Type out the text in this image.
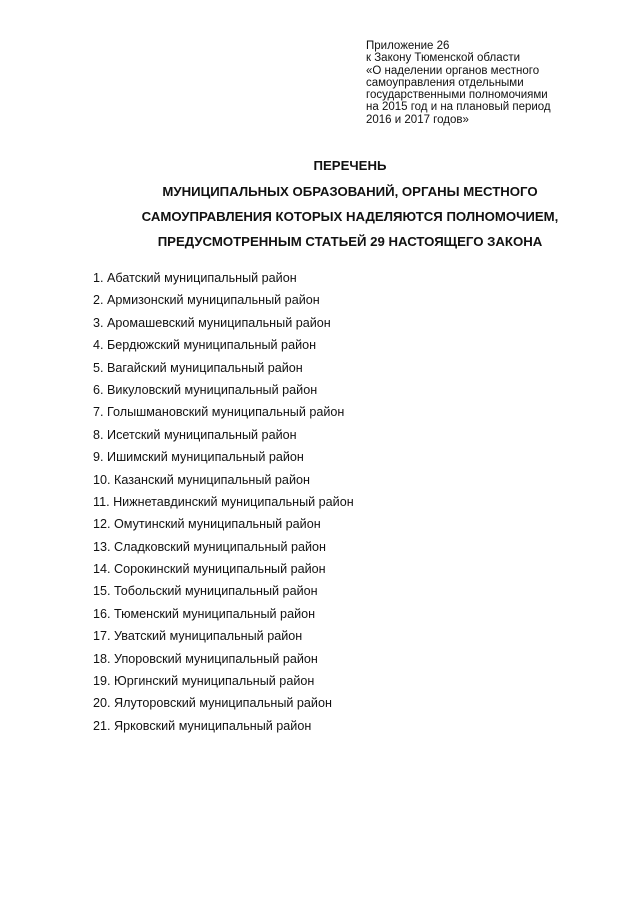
Приложение 26
к Закону Тюменской области
«О наделении органов местного
самоуправления отдельными
государственными полномочиями
на 2015 год и на плановый период
2016 и 2017 годов»
ПЕРЕЧЕНЬ
МУНИЦИПАЛЬНЫХ ОБРАЗОВАНИЙ, ОРГАНЫ МЕСТНОГО
САМОУПРАВЛЕНИЯ КОТОРЫХ НАДЕЛЯЮТСЯ ПОЛНОМОЧИЕМ,
ПРЕДУСМОТРЕННЫМ СТАТЬЕЙ 29 НАСТОЯЩЕГО ЗАКОНА
1. Абатский муниципальный район
2. Армизонский муниципальный район
3. Аромашевский муниципальный район
4. Бердюжский муниципальный район
5. Вагайский муниципальный район
6. Викуловский муниципальный район
7. Голышмановский муниципальный район
8. Исетский муниципальный район
9. Ишимский муниципальный район
10. Казанский муниципальный район
11. Нижнетавдинский муниципальный район
12. Омутинский муниципальный район
13. Сладковский муниципальный район
14. Сорокинский муниципальный район
15. Тобольский муниципальный район
16. Тюменский муниципальный район
17. Уватский муниципальный район
18. Упоровский муниципальный район
19. Юргинский муниципальный район
20. Ялуторовский муниципальный район
21. Ярковский муниципальный район
